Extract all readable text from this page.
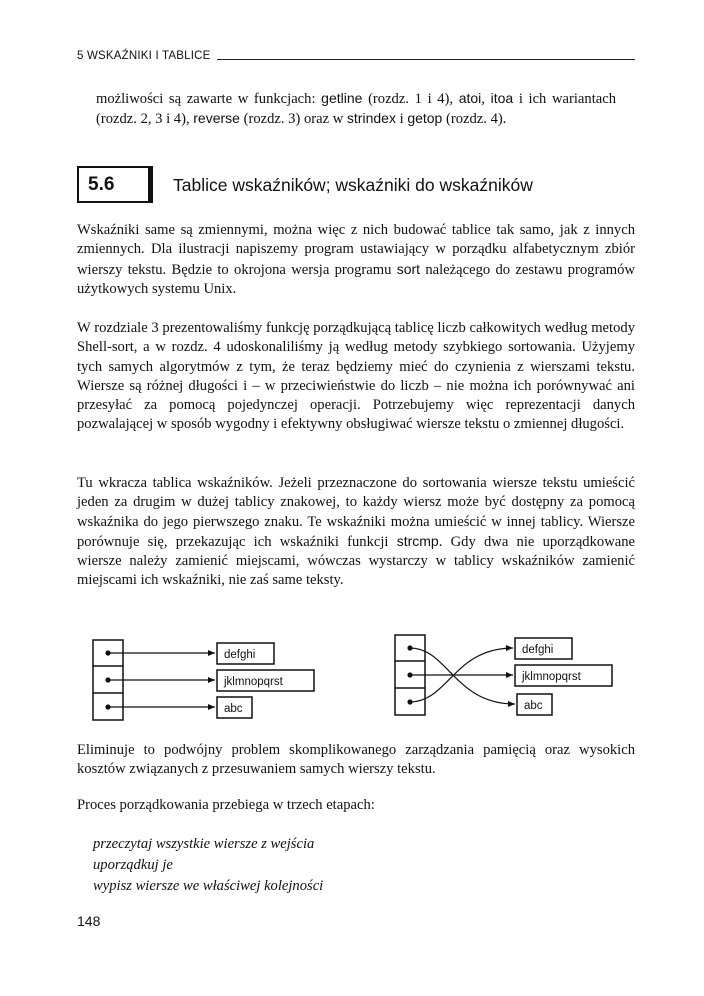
5 WSKAŹNIKI I TABLICE

możliwości są zawarte w funkcjach: getline (rozdz. 1 i 4), atoi, itoa i ich wariantach (rozdz. 2, 3 i 4), reverse (rozdz. 3) oraz w strindex i getop (rozdz. 4).

5.6	Tablice wskaźników; wskaźniki do wskaźników

Wskaźniki same są zmiennymi, można więc z nich budować tablice tak samo, jak z innych zmiennych. Dla ilustracji napiszemy program ustawiający w porządku alfabetycznym zbiór wierszy tekstu. Będzie to okrojona wersja programu sort należącego do zestawu programów użytkowych systemu Unix.

W rozdziale 3 prezentowaliśmy funkcję porządkującą tablicę liczb całkowitych według metody Shell-sort, a w rozdz. 4 udoskonaliliśmy ją według metody szybkiego sortowania. Użyjemy tych samych algorytmów z tym, że teraz będziemy mieć do czynienia z wierszami tekstu. Wiersze są różnej długości i – w przeciwieństwie do liczb – nie można ich porównywać ani przesyłać za pomocą pojedynczej operacji. Potrzebujemy więc reprezentacji danych pozwalającej w sposób wygodny i efektywny obsługiwać wiersze tekstu o zmiennej długości.

Tu wkracza tablica wskaźników. Jeżeli przeznaczone do sortowania wiersze tekstu umieścić jeden za drugim w dużej tablicy znakowej, to każdy wiersz może być dostępny za pomocą wskaźnika do jego pierwszego znaku. Te wskaźniki można umieścić w innej tablicy. Wiersze porównuje się, przekazując ich wskaźniki funkcji strcmp. Gdy dwa nie uporządkowane wiersze należy zamienić miejscami, wówczas wystarczy w tablicy wskaźników zamienić miejscami ich wskaźniki, nie zaś same teksty.

defghi
jklmnopqrst
abc
defghi
jklmnopqrst
abc

Eliminuje to podwójny problem skomplikowanego zarządzania pamięcią oraz wysokich kosztów związanych z przesuwaniem samych wierszy tekstu.

Proces porządkowania przebiega w trzech etapach:

przeczytaj wszystkie wiersze z wejścia
uporządkuj je
wypisz wiersze we właściwej kolejności
148
